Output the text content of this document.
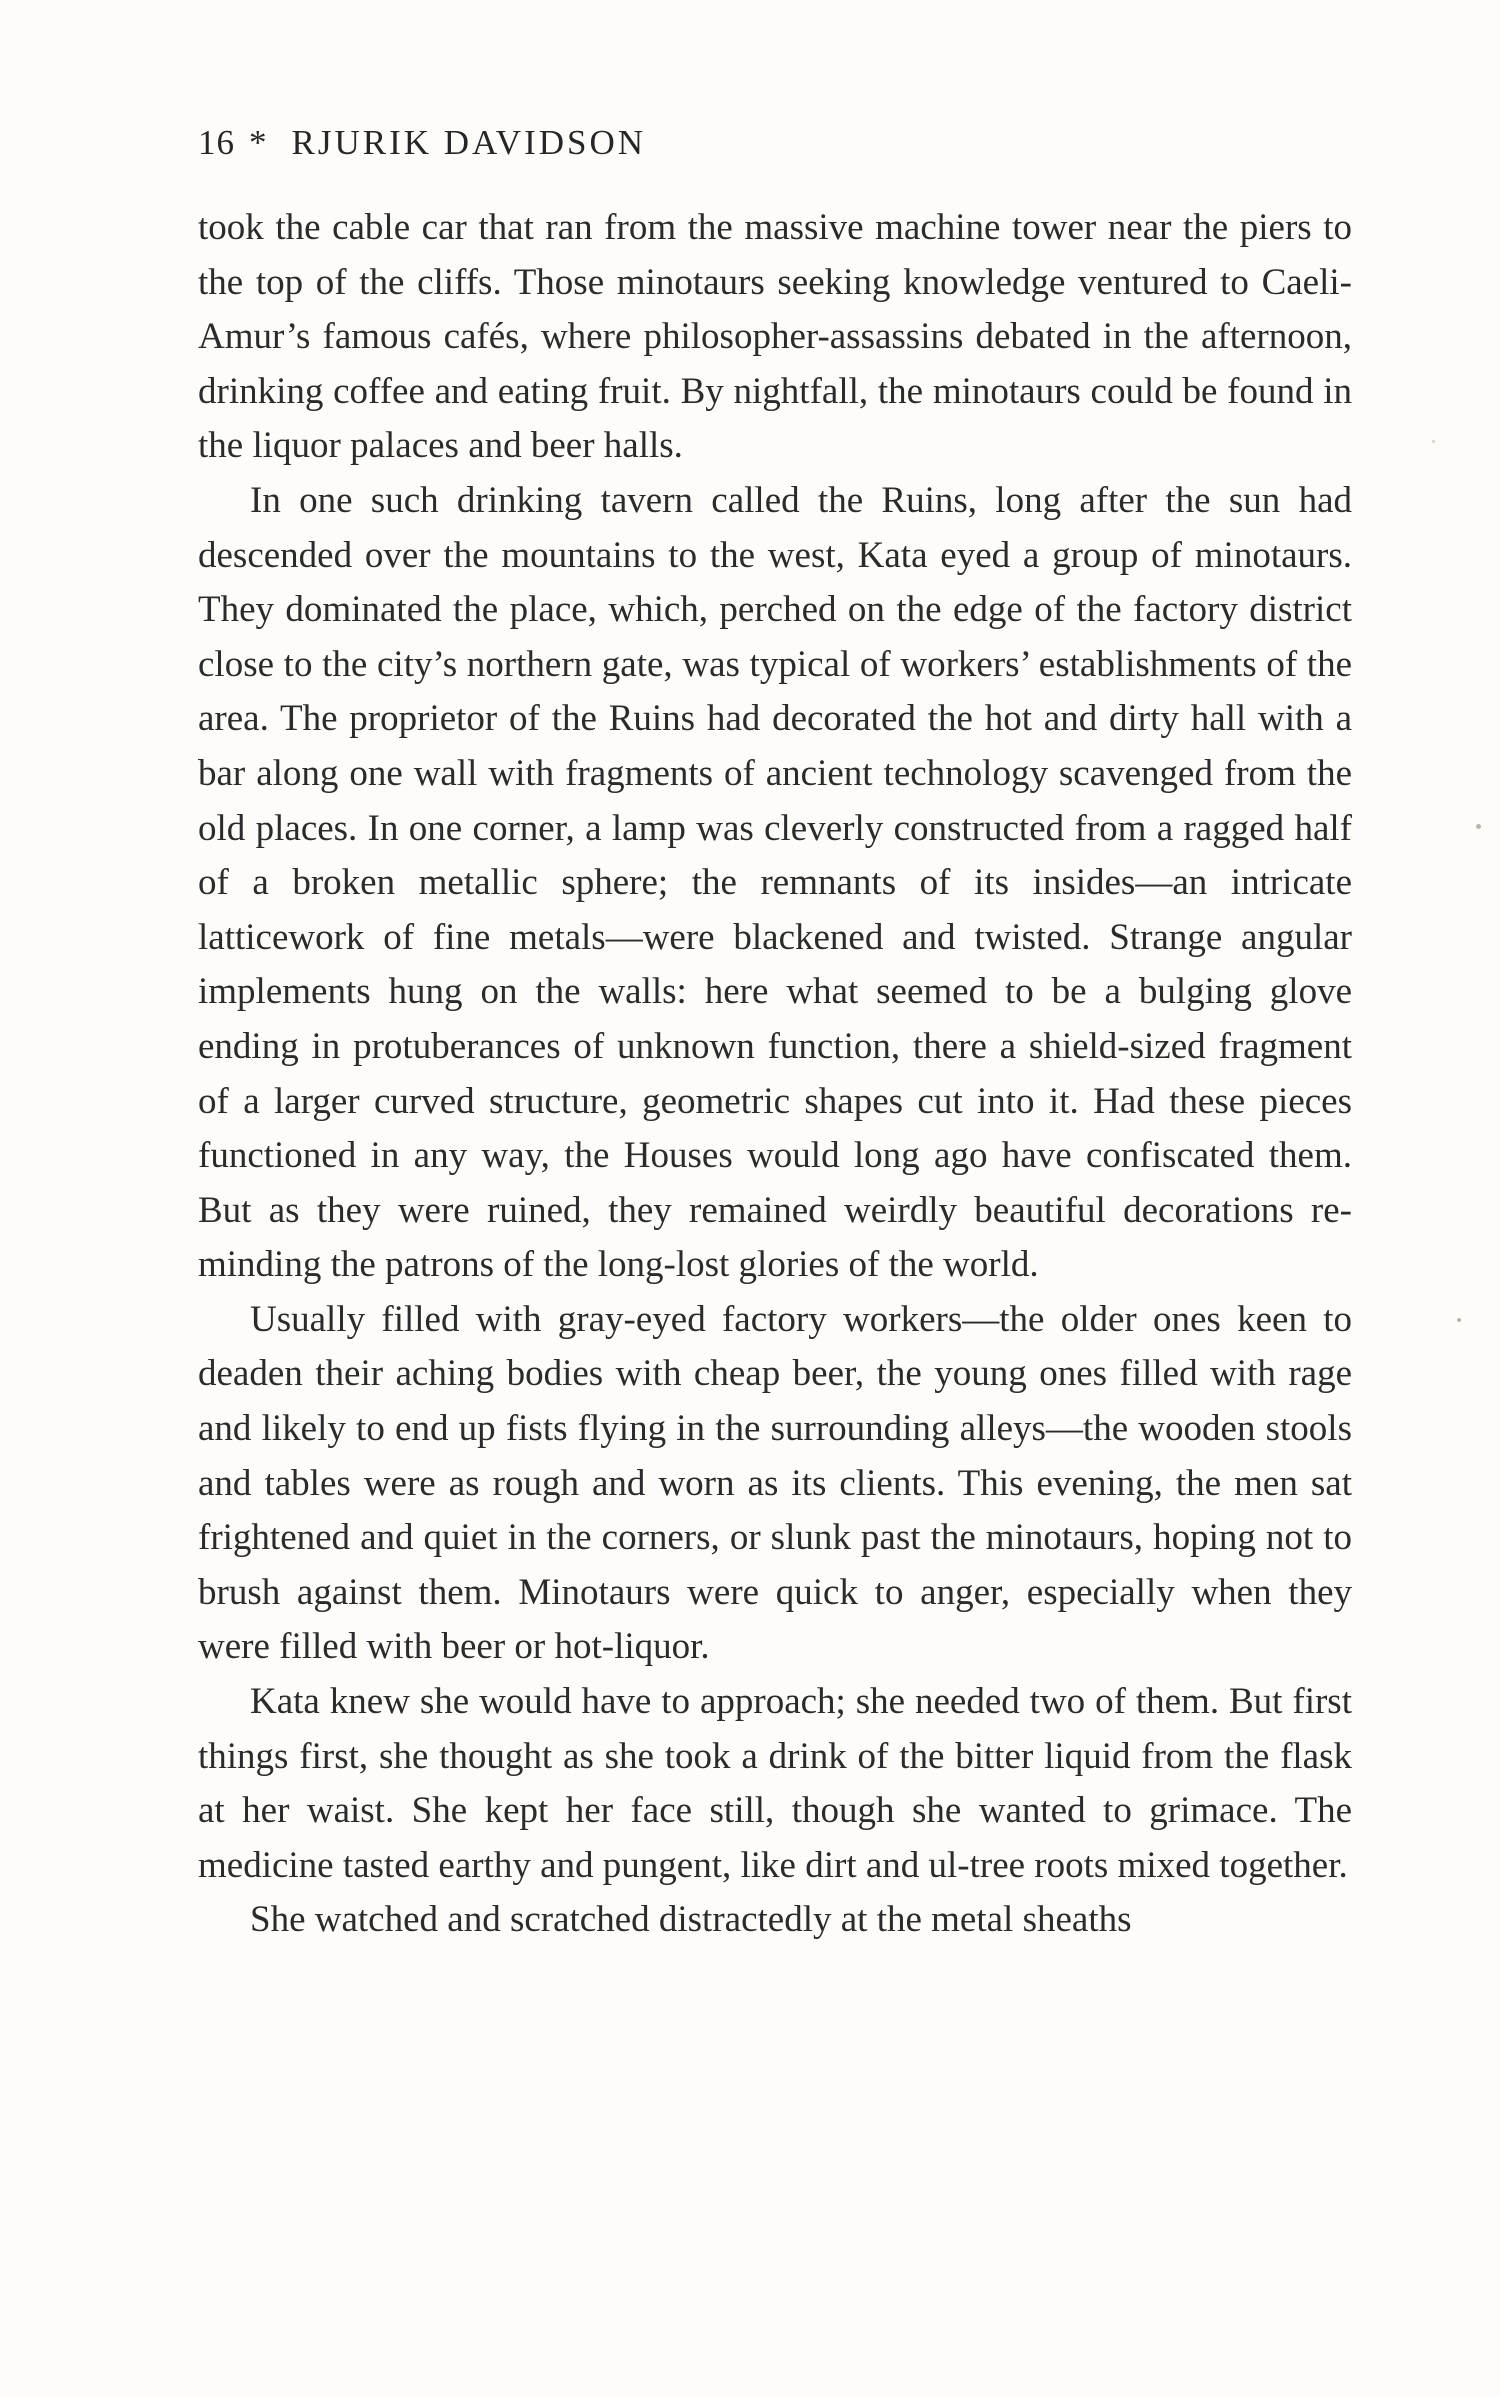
16 * RJURIK DAVIDSON

took the cable car that ran from the massive machine tower near the piers to the top of the cliffs. Those minotaurs seeking knowledge ventured to Caeli-Amur’s famous cafés, where philosopher-assassins debated in the afternoon, drinking coffee and eating fruit. By nightfall, the minotaurs could be found in the liquor palaces and beer halls.

In one such drinking tavern called the Ruins, long after the sun had descended over the mountains to the west, Kata eyed a group of minotaurs. They dominated the place, which, perched on the edge of the factory district close to the city’s northern gate, was typical of workers’ establishments of the area. The proprietor of the Ruins had decorated the hot and dirty hall with a bar along one wall with fragments of ancient technology scavenged from the old places. In one corner, a lamp was cleverly constructed from a ragged half of a broken metallic sphere; the remnants of its insides—an intricate latticework of fine metals—were blackened and twisted. Strange angular implements hung on the walls: here what seemed to be a bulging glove ending in protuberances of unknown function, there a shield-sized fragment of a larger curved structure, geometric shapes cut into it. Had these pieces functioned in any way, the Houses would long ago have confiscated them. But as they were ruined, they remained weirdly beautiful decorations reminding the patrons of the long-lost glories of the world.

Usually filled with gray-eyed factory workers—the older ones keen to deaden their aching bodies with cheap beer, the young ones filled with rage and likely to end up fists flying in the surrounding alleys—the wooden stools and tables were as rough and worn as its clients. This evening, the men sat frightened and quiet in the corners, or slunk past the minotaurs, hoping not to brush against them. Minotaurs were quick to anger, especially when they were filled with beer or hot-liquor.

Kata knew she would have to approach; she needed two of them. But first things first, she thought as she took a drink of the bitter liquid from the flask at her waist. She kept her face still, though she wanted to grimace. The medicine tasted earthy and pungent, like dirt and ul-tree roots mixed together.

She watched and scratched distractedly at the metal sheaths
